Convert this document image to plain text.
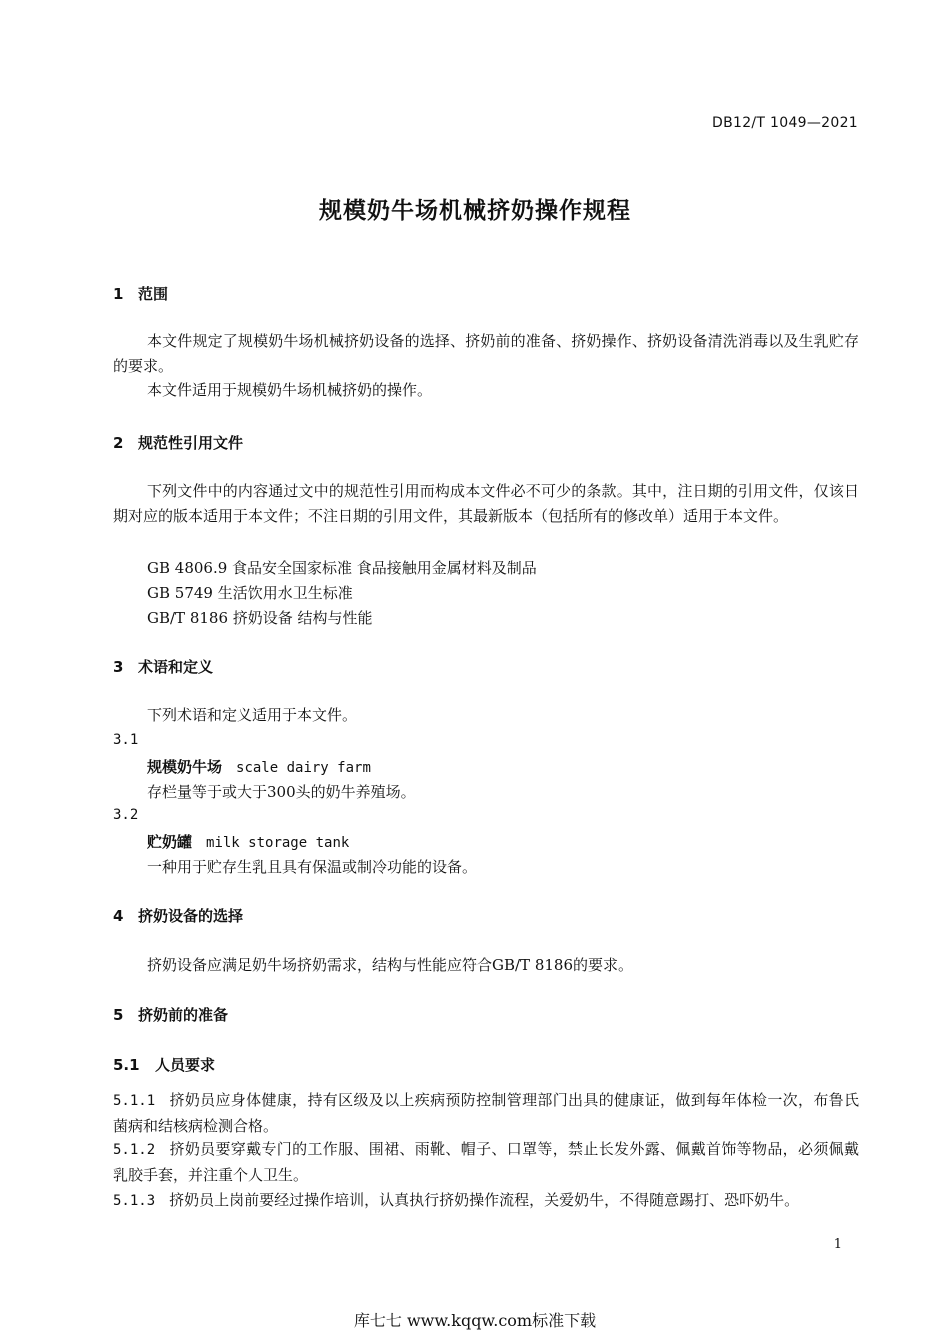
DB12/T 1049—2021
规模奶牛场机械挤奶操作规程
1 范围
本文件规定了规模奶牛场机械挤奶设备的选择、挤奶前的准备、挤奶操作、挤奶设备清洗消毒以及生乳贮存的要求。
本文件适用于规模奶牛场机械挤奶的操作。
2 规范性引用文件
下列文件中的内容通过文中的规范性引用而构成本文件必不可少的条款。其中，注日期的引用文件，仅该日期对应的版本适用于本文件；不注日期的引用文件，其最新版本（包括所有的修改单）适用于本文件。
GB 4806.9 食品安全国家标准 食品接触用金属材料及制品
GB 5749 生活饮用水卫生标准
GB/T 8186 挤奶设备 结构与性能
3 术语和定义
下列术语和定义适用于本文件。
3.1
规模奶牛场 scale dairy farm
存栏量等于或大于300头的奶牛养殖场。
3.2
贮奶罐 milk storage tank
一种用于贮存生乳且具有保温或制冷功能的设备。
4 挤奶设备的选择
挤奶设备应满足奶牛场挤奶需求，结构与性能应符合GB/T 8186的要求。
5 挤奶前的准备
5.1 人员要求
5.1.1 挤奶员应身体健康，持有区级及以上疾病预防控制管理部门出具的健康证，做到每年体检一次，布鲁氏菌病和结核病检测合格。
5.1.2 挤奶员要穿戴专门的工作服、围裙、雨靴、帽子、口罩等，禁止长发外露、佩戴首饰等物品，必须佩戴乳胶手套，并注重个人卫生。
5.1.3 挤奶员上岗前要经过操作培训，认真执行挤奶操作流程，关爱奶牛，不得随意踢打、恐吓奶牛。
1
库七七 www.kqqw.com标准下载
